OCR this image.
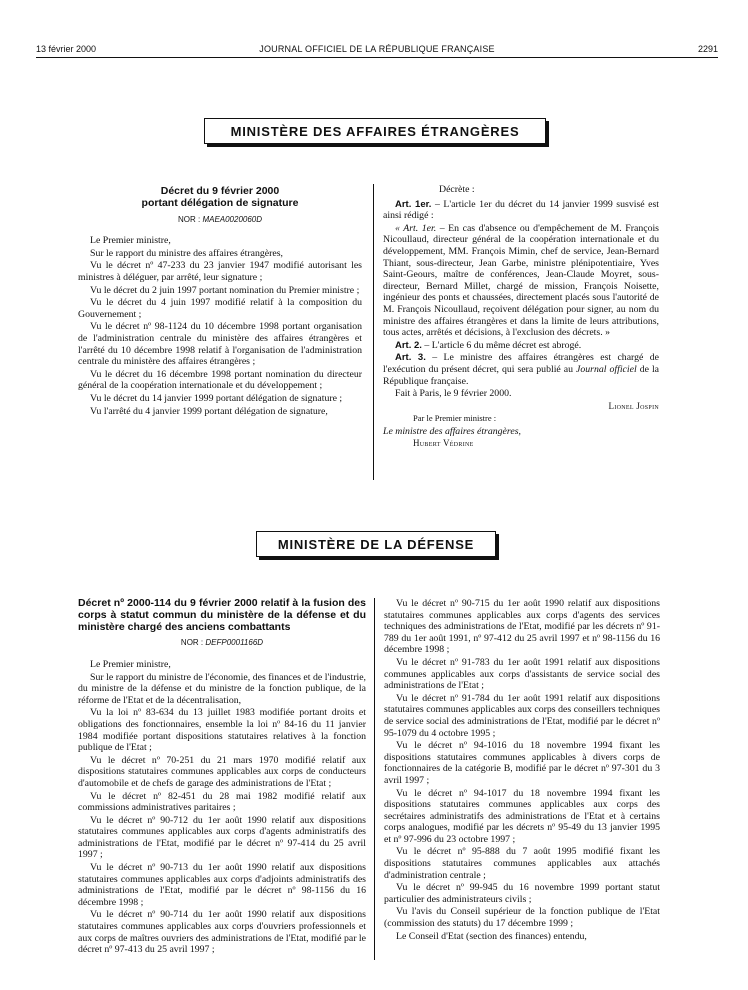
13 février 2000	JOURNAL OFFICIEL DE LA RÉPUBLIQUE FRANÇAISE	2291
MINISTÈRE DES AFFAIRES ÉTRANGÈRES
Décret du 9 février 2000
portant délégation de signature
NOR : MAEA0020060D

Le Premier ministre,

Sur le rapport du ministre des affaires étrangères,

Vu le décret nº 47-233 du 23 janvier 1947 modifié autorisant les ministres à déléguer, par arrêté, leur signature ;

Vu le décret du 2 juin 1997 portant nomination du Premier ministre ;

Vu le décret du 4 juin 1997 modifié relatif à la composition du Gouvernement ;

Vu le décret nº 98-1124 du 10 décembre 1998 portant organisation de l'administration centrale du ministère des affaires étrangères et l'arrêté du 10 décembre 1998 relatif à l'organisation de l'administration centrale du ministère des affaires étrangères ;

Vu le décret du 16 décembre 1998 portant nomination du directeur général de la coopération internationale et du développement ;

Vu le décret du 14 janvier 1999 portant délégation de signature ;

Vu l'arrêté du 4 janvier 1999 portant délégation de signature,

Décrète :

Art. 1er. – L'article 1er du décret du 14 janvier 1999 susvisé est ainsi rédigé :

« Art. 1er. – En cas d'absence ou d'empêchement de M. François Nicoullaud, directeur général de la coopération internationale et du développement, MM. François Mimin, chef de service, Jean-Bernard Thiant, sous-directeur, Jean Garbe, ministre plénipotentiaire, Yves Saint-Geours, maître de conférences, Jean-Claude Moyret, sous-directeur, Bernard Millet, chargé de mission, François Noisette, ingénieur des ponts et chaussées, directement placés sous l'autorité de M. François Nicoullaud, reçoivent délégation pour signer, au nom du ministre des affaires étrangères et dans la limite de leurs attributions, tous actes, arrêtés et décisions, à l'exclusion des décrets. »

Art. 2. – L'article 6 du même décret est abrogé.

Art. 3. – Le ministre des affaires étrangères est chargé de l'exécution du présent décret, qui sera publié au Journal officiel de la République française.

Fait à Paris, le 9 février 2000.

Lionel Jospin

Par le Premier ministre :

Le ministre des affaires étrangères,

Hubert Védrine

MINISTÈRE DE LA DÉFENSE
Décret nº 2000-114 du 9 février 2000 relatif à la fusion des corps à statut commun du ministère de la défense et du ministère chargé des anciens combattants
NOR : DEFP0001166D

Le Premier ministre,

Sur le rapport du ministre de l'économie, des finances et de l'industrie, du ministre de la défense et du ministre de la fonction publique, de la réforme de l'Etat et de la décentralisation,

Vu la loi nº 83-634 du 13 juillet 1983 modifiée portant droits et obligations des fonctionnaires, ensemble la loi nº 84-16 du 11 janvier 1984 modifiée portant dispositions statutaires relatives à la fonction publique de l'Etat ;

Vu le décret nº 70-251 du 21 mars 1970 modifié relatif aux dispositions statutaires communes applicables aux corps de conducteurs d'automobile et de chefs de garage des administrations de l'Etat ;

Vu le décret nº 82-451 du 28 mai 1982 modifié relatif aux commissions administratives paritaires ;

Vu le décret nº 90-712 du 1er août 1990 relatif aux dispositions statutaires communes applicables aux corps d'agents administratifs des administrations de l'Etat, modifié par le décret nº 97-414 du 25 avril 1997 ;

Vu le décret nº 90-713 du 1er août 1990 relatif aux dispositions statutaires communes applicables aux corps d'adjoints administratifs des administrations de l'Etat, modifié par le décret nº 98-1156 du 16 décembre 1998 ;

Vu le décret nº 90-714 du 1er août 1990 relatif aux dispositions statutaires communes applicables aux corps d'ouvriers professionnels et aux corps de maîtres ouvriers des administrations de l'Etat, modifié par le décret nº 97-413 du 25 avril 1997 ;

Vu le décret nº 90-715 du 1er août 1990 relatif aux dispositions statutaires communes applicables aux corps d'agents des services techniques des administrations de l'Etat, modifié par les décrets nº 91-789 du 1er août 1991, nº 97-412 du 25 avril 1997 et nº 98-1156 du 16 décembre 1998 ;

Vu le décret nº 91-783 du 1er août 1991 relatif aux dispositions communes applicables aux corps d'assistants de service social des administrations de l'Etat ;

Vu le décret nº 91-784 du 1er août 1991 relatif aux dispositions statutaires communes applicables aux corps des conseillers techniques de service social des administrations de l'Etat, modifié par le décret nº 95-1079 du 4 octobre 1995 ;

Vu le décret nº 94-1016 du 18 novembre 1994 fixant les dispositions statutaires communes applicables à divers corps de fonctionnaires de la catégorie B, modifié par le décret nº 97-301 du 3 avril 1997 ;

Vu le décret nº 94-1017 du 18 novembre 1994 fixant les dispositions statutaires communes applicables aux corps des secrétaires administratifs des administrations de l'Etat et à certains corps analogues, modifié par les décrets nº 95-49 du 13 janvier 1995 et nº 97-996 du 23 octobre 1997 ;

Vu le décret nº 95-888 du 7 août 1995 modifié fixant les dispositions statutaires communes applicables aux attachés d'administration centrale ;

Vu le décret nº 99-945 du 16 novembre 1999 portant statut particulier des administrateurs civils ;

Vu l'avis du Conseil supérieur de la fonction publique de l'Etat (commission des statuts) du 17 décembre 1999 ;

Le Conseil d'Etat (section des finances) entendu,
